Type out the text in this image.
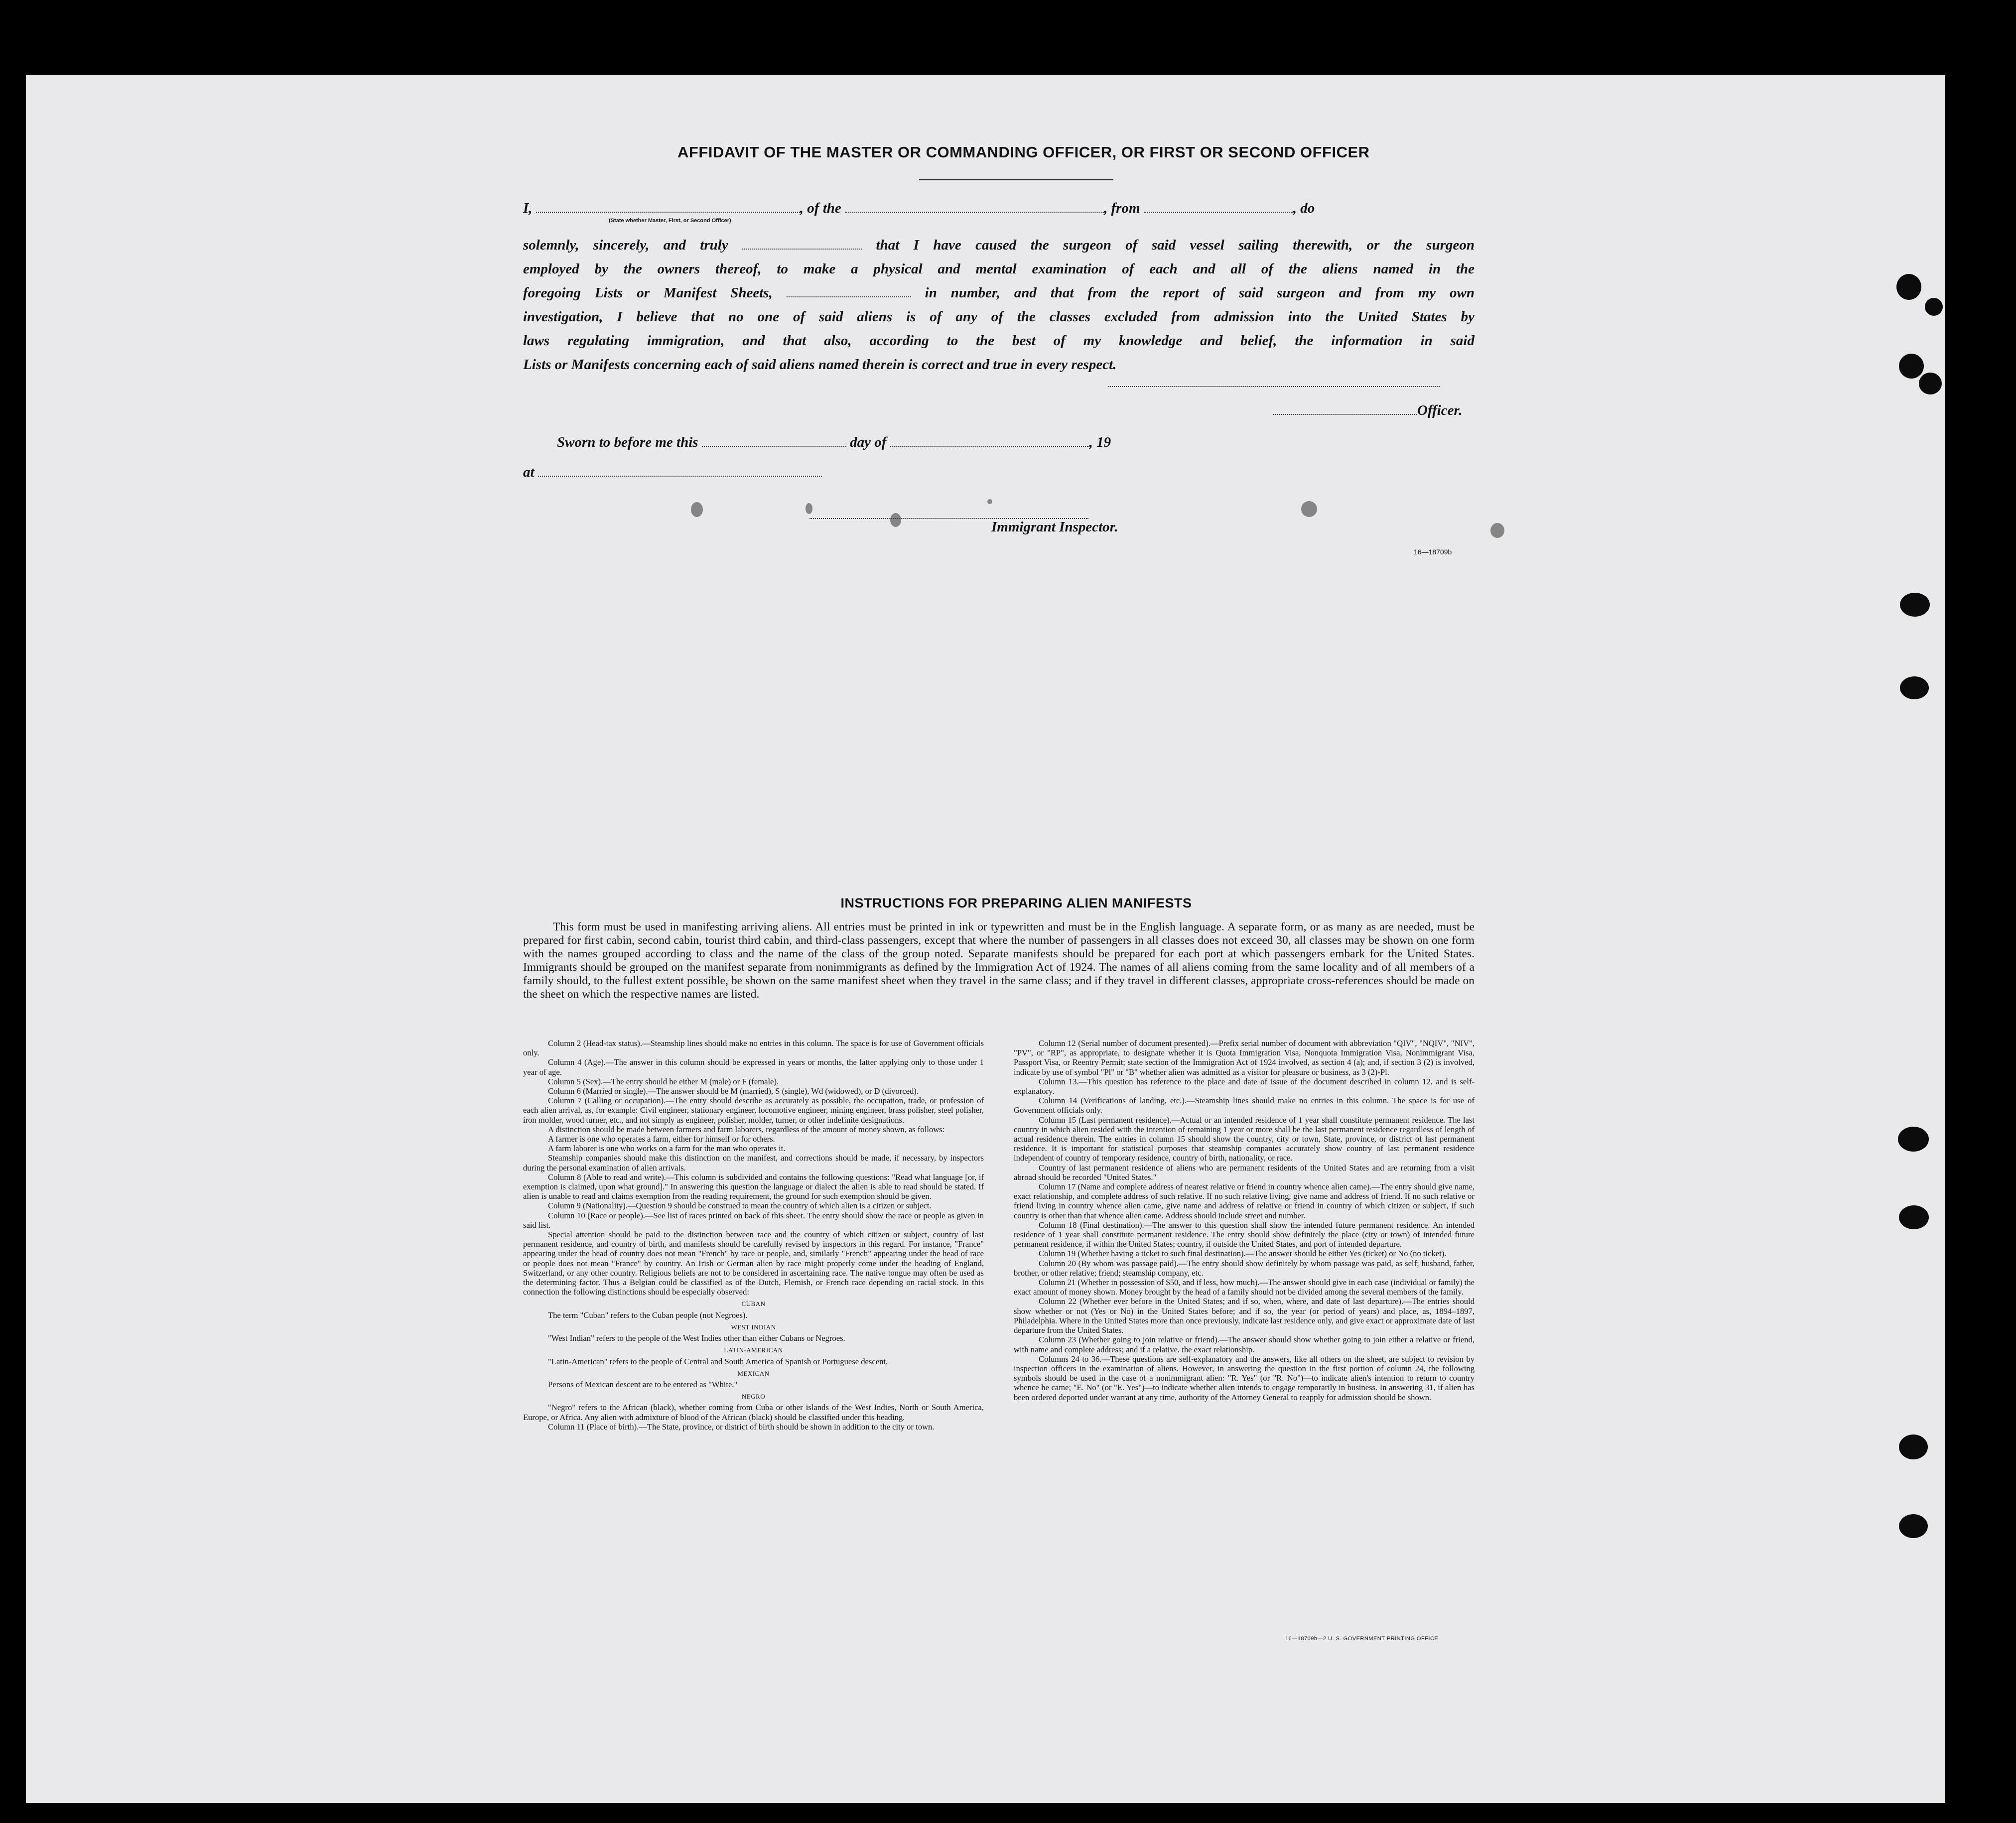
AFFIDAVIT OF THE MASTER OR COMMANDING OFFICER, OR FIRST OR SECOND OFFICER
I,	, of the	, from	, do
(State whether Master, First, or Second Officer)
solemnly, sincerely, and truly	that I have caused the surgeon of said vessel sailing therewith, or the surgeon
employed by the owners thereof, to make a physical and mental examination of each and all of the aliens named in the
foregoing Lists or Manifest Sheets,	in number, and that from the report of said surgeon and from my own
investigation, I believe that no one of said aliens is of any of the classes excluded from admission into the United States by
laws regulating immigration, and that also, according to the best of my knowledge and belief, the information in said
Lists or Manifests concerning each of said aliens named therein is correct and true in every respect.
Officer.
Sworn to before me this	day of	, 19
at
Immigrant Inspector.
16—18709b
INSTRUCTIONS FOR PREPARING ALIEN MANIFESTS

This form must be used in manifesting arriving aliens. All entries must be printed in ink or typewritten and must be in the English language. A separate form, or as many as are needed, must be prepared for first cabin, second cabin, tourist third cabin, and third-class passengers, except that where the number of passengers in all classes does not exceed 30, all classes may be shown on one form with the names grouped according to class and the name of the class of the group noted. Separate manifests should be prepared for each port at which passengers embark for the United States. Immigrants should be grouped on the manifest separate from nonimmigrants as defined by the Immigration Act of 1924. The names of all aliens coming from the same locality and of all members of a family should, to the fullest extent possible, be shown on the same manifest sheet when they travel in the same class; and if they travel in different classes, appropriate cross-references should be made on the sheet on which the respective names are listed.

Column 2 (Head-tax status).—Steamship lines should make no entries in this column. The space is for use of Government officials only.

Column 4 (Age).—The answer in this column should be expressed in years or months, the latter applying only to those under 1 year of age.

Column 5 (Sex).—The entry should be either M (male) or F (female).

Column 6 (Married or single).—The answer should be M (married), S (single), Wd (widowed), or D (divorced).

Column 7 (Calling or occupation).—The entry should describe as accurately as possible, the occupation, trade, or profession of each alien arrival, as, for example: Civil engineer, stationary engineer, locomotive engineer, mining engineer, brass polisher, steel polisher, iron molder, wood turner, etc., and not simply as engineer, polisher, molder, turner, or other indefinite designations.

A distinction should be made between farmers and farm laborers, regardless of the amount of money shown, as follows:

A farmer is one who operates a farm, either for himself or for others.

A farm laborer is one who works on a farm for the man who operates it.

Steamship companies should make this distinction on the manifest, and corrections should be made, if necessary, by inspectors during the personal examination of alien arrivals.

Column 8 (Able to read and write).—This column is subdivided and contains the following questions: "Read what language [or, if exemption is claimed, upon what ground]." In answering this question the language or dialect the alien is able to read should be stated. If alien is unable to read and claims exemption from the reading requirement, the ground for such exemption should be given.

Column 9 (Nationality).—Question 9 should be construed to mean the country of which alien is a citizen or subject.

Column 10 (Race or people).—See list of races printed on back of this sheet. The entry should show the race or people as given in said list.

Special attention should be paid to the distinction between race and the country of which citizen or subject, country of last permanent residence, and country of birth, and manifests should be carefully revised by inspectors in this regard. For instance, "France" appearing under the head of country does not mean "French" by race or people, and, similarly "French" appearing under the head of race or people does not mean "France" by country. An Irish or German alien by race might properly come under the heading of England, Switzerland, or any other country. Religious beliefs are not to be considered in ascertaining race. The native tongue may often be used as the determining factor. Thus a Belgian could be classified as of the Dutch, Flemish, or French race depending on racial stock. In this connection the following distinctions should be especially observed:

CUBAN

The term "Cuban" refers to the Cuban people (not Negroes).

WEST INDIAN

"West Indian" refers to the people of the West Indies other than either Cubans or Negroes.

LATIN-AMERICAN

"Latin-American" refers to the people of Central and South America of Spanish or Portuguese descent.

MEXICAN

Persons of Mexican descent are to be entered as "White."

NEGRO

"Negro" refers to the African (black), whether coming from Cuba or other islands of the West Indies, North or South America, Europe, or Africa. Any alien with admixture of blood of the African (black) should be classified under this heading.

Column 11 (Place of birth).—The State, province, or district of birth should be shown in addition to the city or town.

Column 12 (Serial number of document presented).—Prefix serial number of document with abbreviation "QIV", "NQIV", "NIV", "PV", or "RP", as appropriate, to designate whether it is Quota Immigration Visa, Nonquota Immigration Visa, Nonimmigrant Visa, Passport Visa, or Reentry Permit; state section of the Immigration Act of 1924 involved, as section 4 (a); and, if section 3 (2) is involved, indicate by use of symbol "Pl" or "B" whether alien was admitted as a visitor for pleasure or business, as 3 (2)-Pl.

Column 13.—This question has reference to the place and date of issue of the document described in column 12, and is self-explanatory.

Column 14 (Verifications of landing, etc.).—Steamship lines should make no entries in this column. The space is for use of Government officials only.

Column 15 (Last permanent residence).—Actual or an intended residence of 1 year shall constitute permanent residence. The last country in which alien resided with the intention of remaining 1 year or more shall be the last permanent residence regardless of length of actual residence therein. The entries in column 15 should show the country, city or town, State, province, or district of last permanent residence. It is important for statistical purposes that steamship companies accurately show country of last permanent residence independent of country of temporary residence, country of birth, nationality, or race.

Country of last permanent residence of aliens who are permanent residents of the United States and are returning from a visit abroad should be recorded "United States."

Column 17 (Name and complete address of nearest relative or friend in country whence alien came).—The entry should give name, exact relationship, and complete address of such relative. If no such relative living, give name and address of friend. If no such relative or friend living in country whence alien came, give name and address of relative or friend in country of which citizen or subject, if such country is other than that whence alien came. Address should include street and number.

Column 18 (Final destination).—The answer to this question shall show the intended future permanent residence. An intended residence of 1 year shall constitute permanent residence. The entry should show definitely the place (city or town) of intended future permanent residence, if within the United States; country, if outside the United States, and port of intended departure.

Column 19 (Whether having a ticket to such final destination).—The answer should be either Yes (ticket) or No (no ticket).

Column 20 (By whom was passage paid).—The entry should show definitely by whom passage was paid, as self; husband, father, brother, or other relative; friend; steamship company, etc.

Column 21 (Whether in possession of $50, and if less, how much).—The answer should give in each case (individual or family) the exact amount of money shown. Money brought by the head of a family should not be divided among the several members of the family.

Column 22 (Whether ever before in the United States; and if so, when, where, and date of last departure).—The entries should show whether or not (Yes or No) in the United States before; and if so, the year (or period of years) and place, as, 1894–1897, Philadelphia. Where in the United States more than once previously, indicate last residence only, and give exact or approximate date of last departure from the United States.

Column 23 (Whether going to join relative or friend).—The answer should show whether going to join either a relative or friend, with name and complete address; and if a relative, the exact relationship.

Columns 24 to 36.—These questions are self-explanatory and the answers, like all others on the sheet, are subject to revision by inspection officers in the examination of aliens. However, in answering the question in the first portion of column 24, the following symbols should be used in the case of a nonimmigrant alien: "R. Yes" (or "R. No")—to indicate alien's intention to return to country whence he came; "E. No" (or "E. Yes")—to indicate whether alien intends to engage temporarily in business. In answering 31, if alien has been ordered deported under warrant at any time, authority of the Attorney General to reapply for admission should be shown.

16—18709b—2 U. S. GOVERNMENT PRINTING OFFICE
